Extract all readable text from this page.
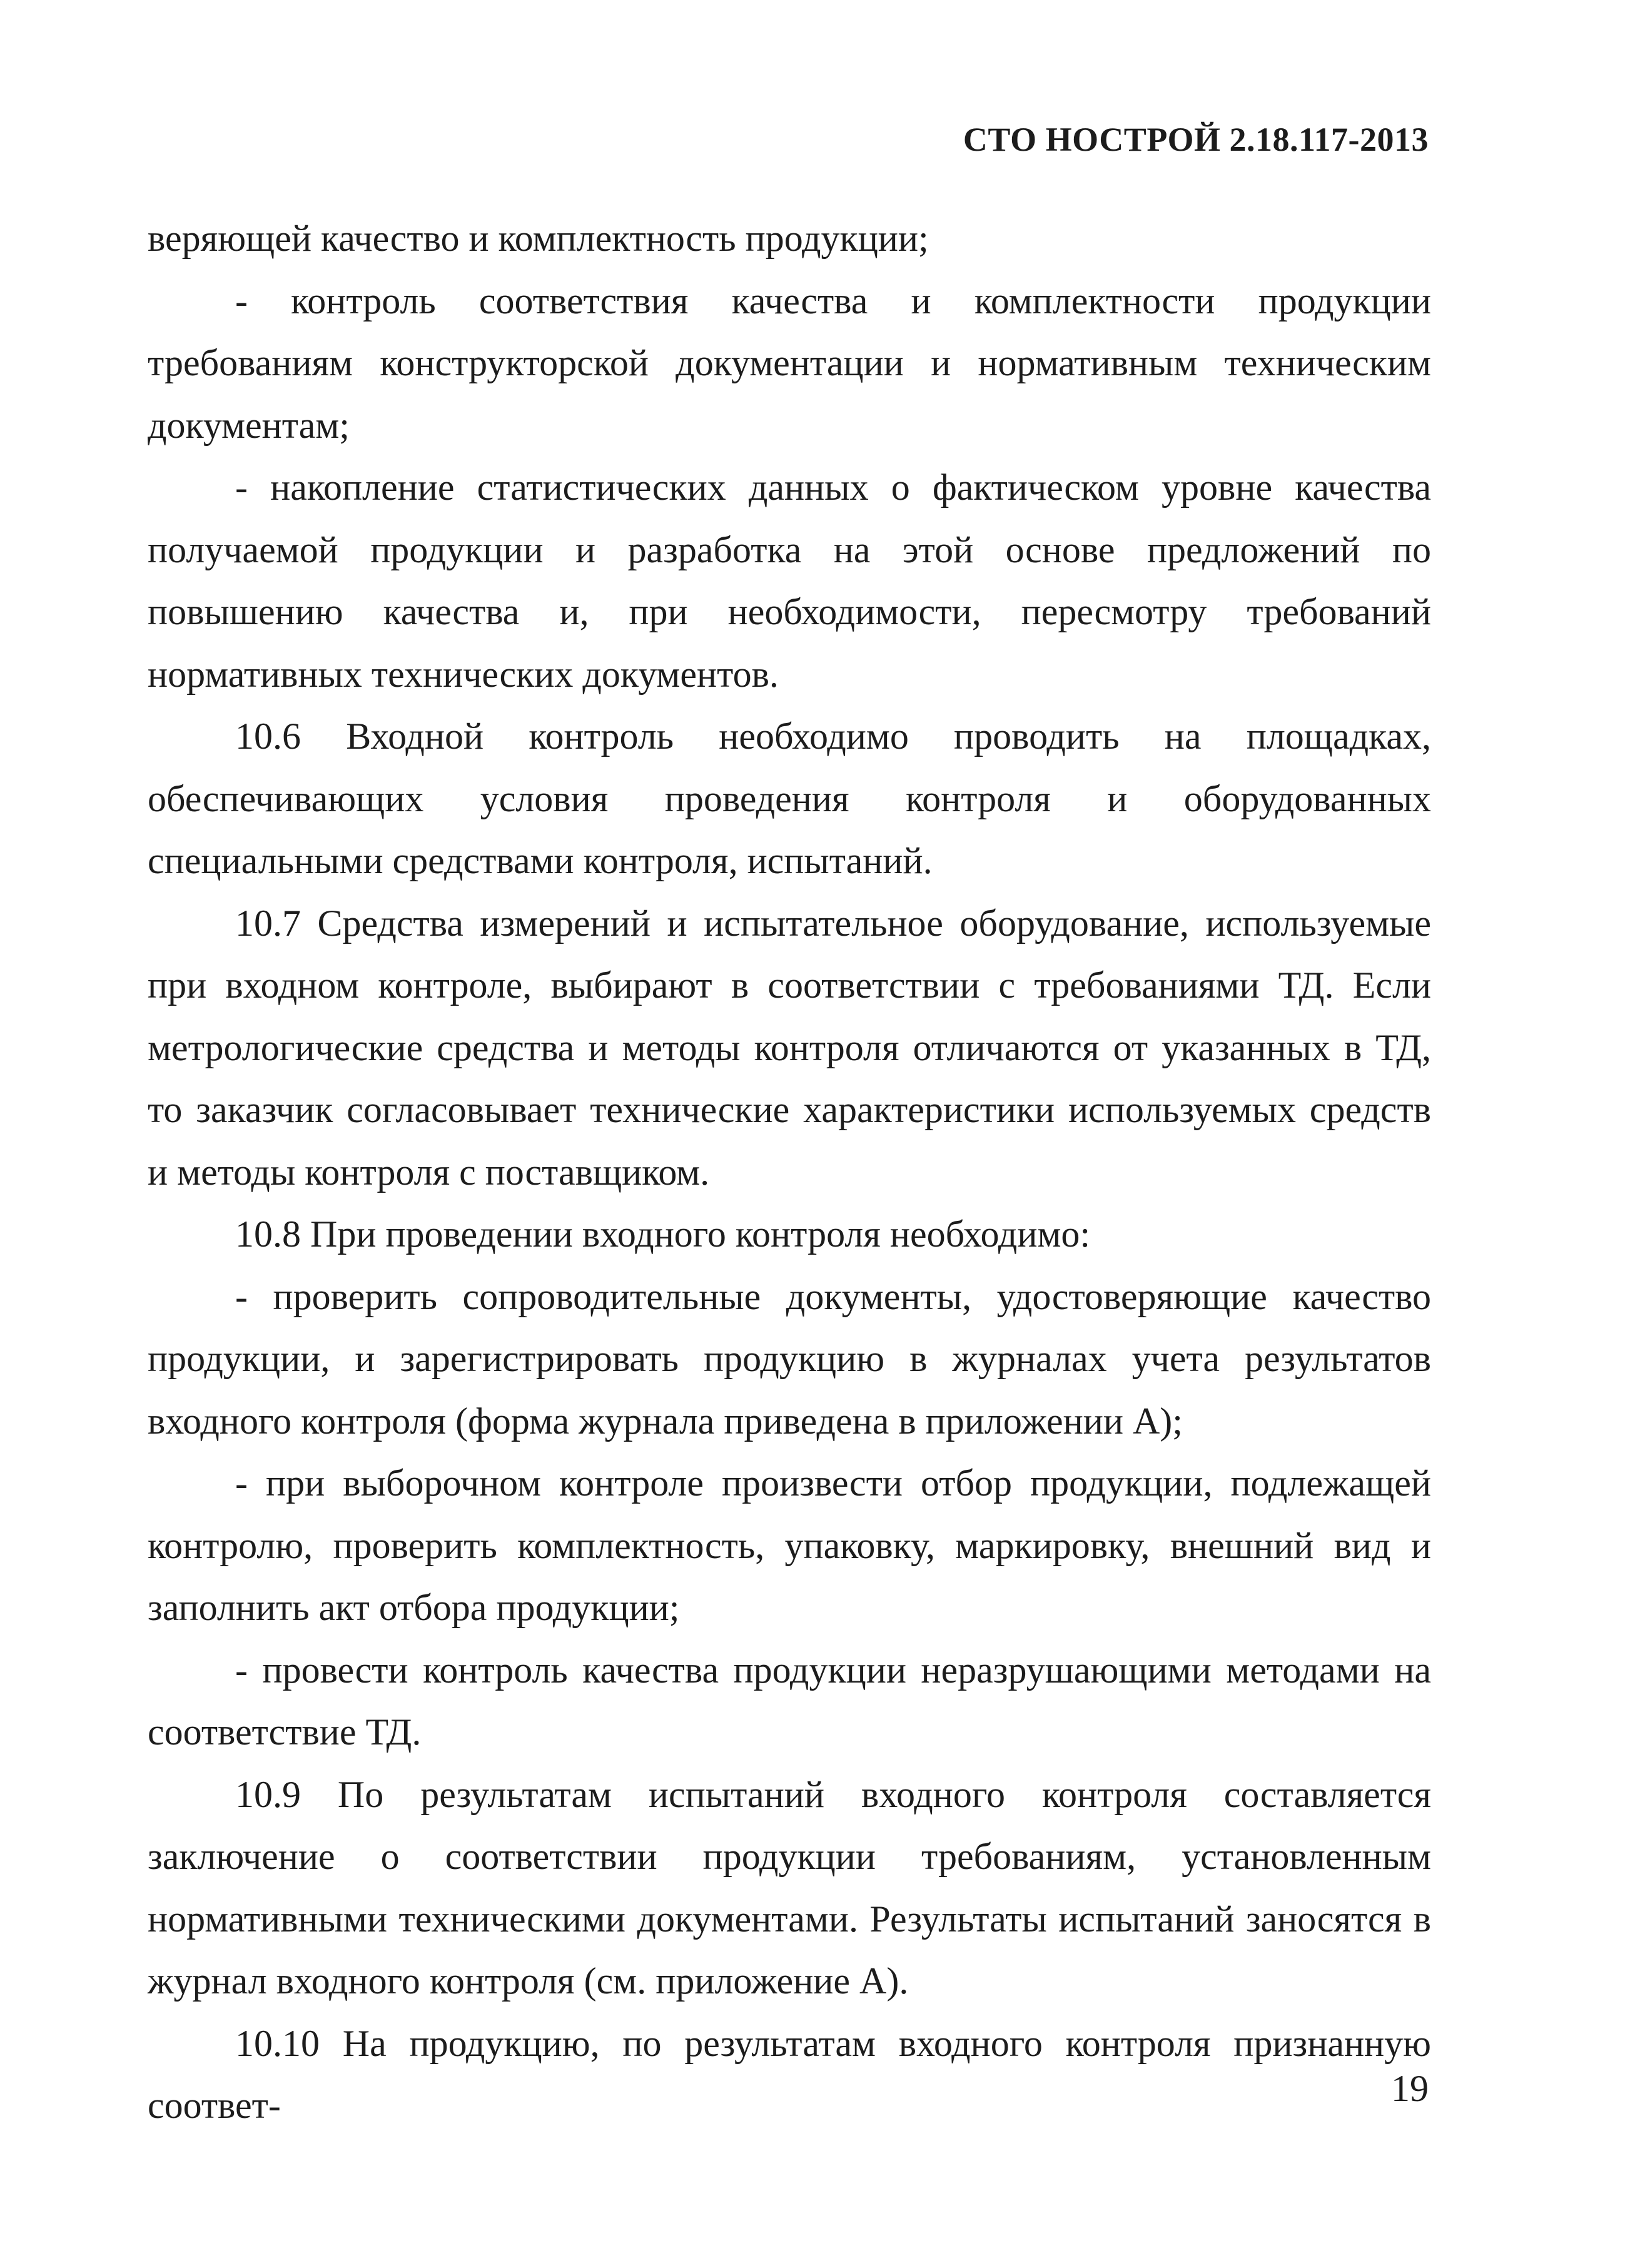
СТО НОСТРОЙ 2.18.117-2013

веряющей качество и комплектность продукции;

- контроль соответствия качества и комплектности продукции требованиям конструкторской документации и нормативным техническим документам;

- накопление статистических данных о фактическом уровне качества получаемой продукции и разработка на этой основе предложений по повышению качества и, при необходимости, пересмотру требований нормативных технических документов.

10.6 Входной контроль необходимо проводить на площадках, обеспечивающих условия проведения контроля и оборудованных специальными средствами контроля, испытаний.

10.7 Средства измерений и испытательное оборудование, используемые при входном контроле, выбирают в соответствии с требованиями ТД. Если метрологические средства и методы контроля отличаются от указанных в ТД, то заказчик согласовывает технические характеристики используемых средств и методы контроля с поставщиком.

10.8 При проведении входного контроля необходимо:

- проверить сопроводительные документы, удостоверяющие качество продукции, и зарегистрировать продукцию в журналах учета результатов входного контроля (форма журнала приведена в приложении А);

- при выборочном контроле произвести отбор продукции, подлежащей контролю, проверить комплектность, упаковку, маркировку, внешний вид и заполнить акт отбора продукции;

- провести контроль качества продукции неразрушающими методами на соответствие ТД.

10.9 По результатам испытаний входного контроля составляется заключение о соответствии продукции требованиям, установленным нормативными техническими документами. Результаты испытаний заносятся в журнал входного контроля (см. приложение А).

10.10 На продукцию, по результатам входного контроля признанную соответ-	19
